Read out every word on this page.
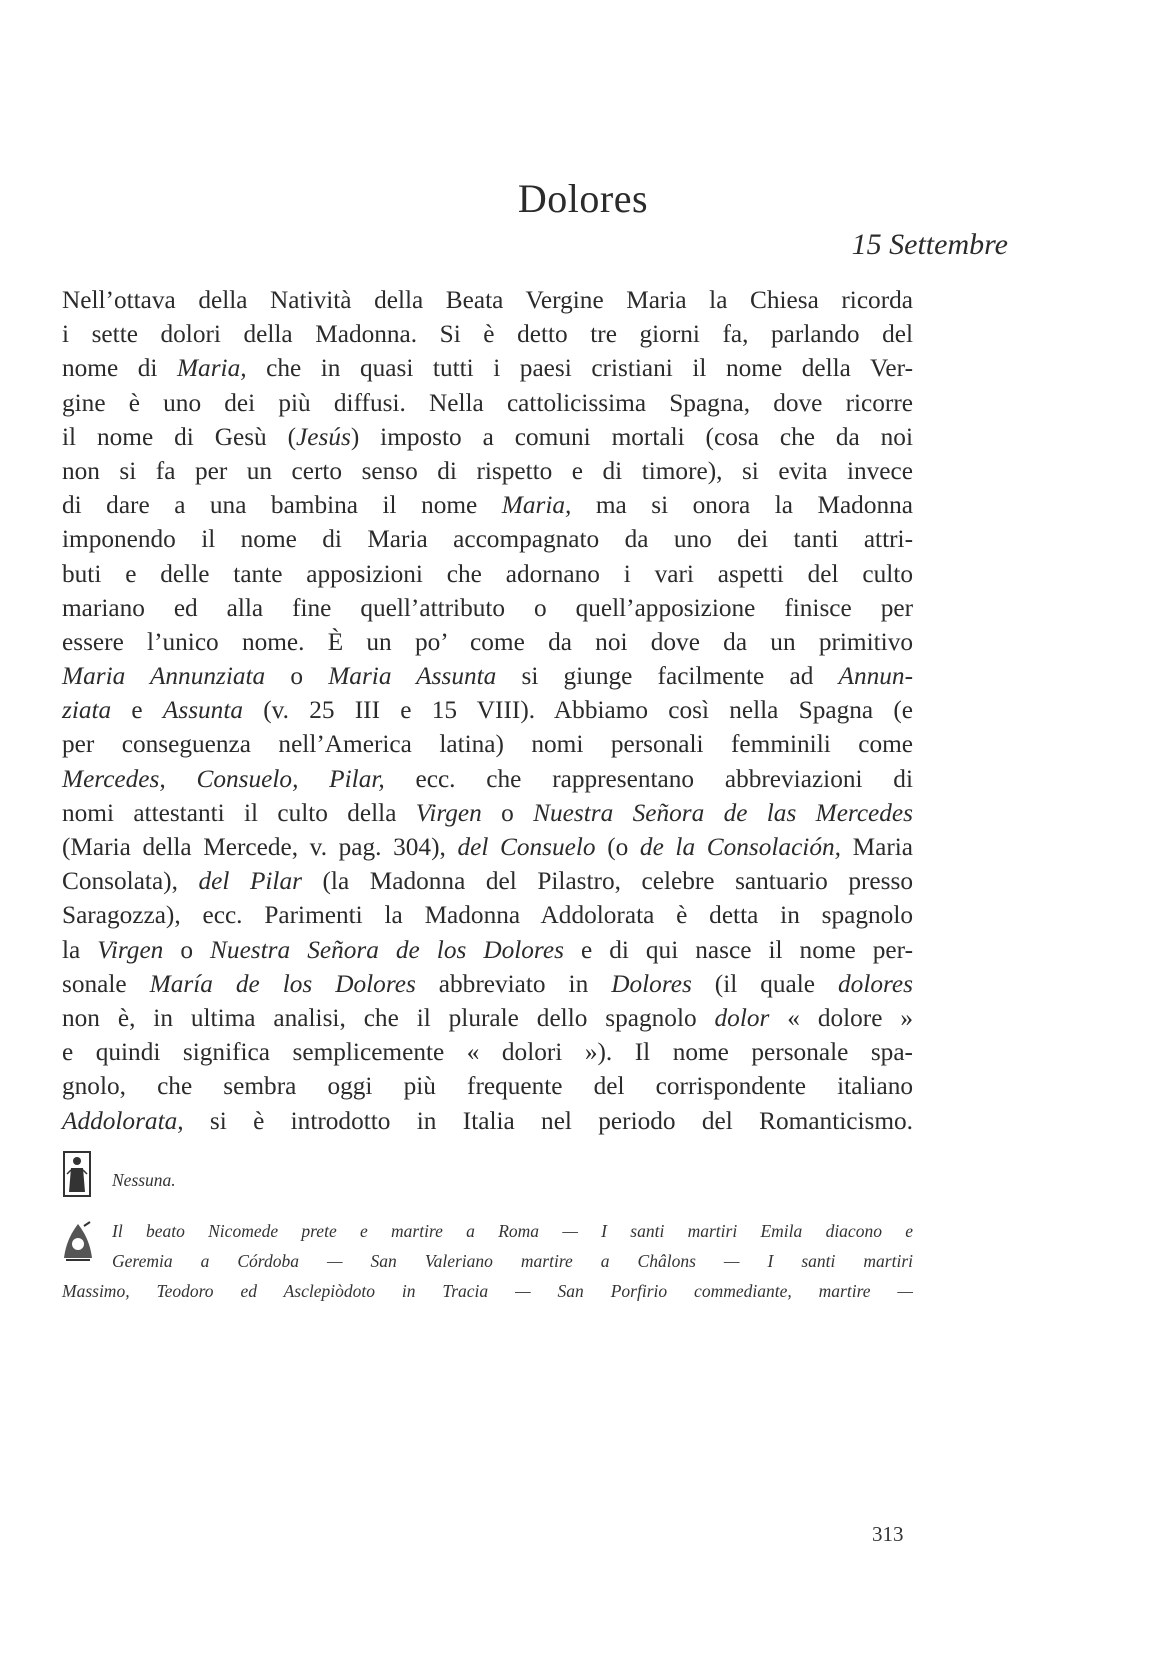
Dolores
15 Settembre
Nell’ottava della Natività della Beata Vergine Maria la Chiesa ricorda
i sette dolori della Madonna. Si è detto tre giorni fa, parlando del
nome di Maria, che in quasi tutti i paesi cristiani il nome della Ver-
gine è uno dei più diffusi. Nella cattolicissima Spagna, dove ricorre
il nome di Gesù (Jesús) imposto a comuni mortali (cosa che da noi
non si fa per un certo senso di rispetto e di timore), si evita invece
di dare a una bambina il nome Maria, ma si onora la Madonna
imponendo il nome di Maria accompagnato da uno dei tanti attri-
buti e delle tante apposizioni che adornano i vari aspetti del culto
mariano ed alla fine quell’attributo o quell’apposizione finisce per
essere l’unico nome. È un po’ come da noi dove da un primitivo
Maria Annunziata o Maria Assunta si giunge facilmente ad Annun-
ziata e Assunta (v. 25 III e 15 VIII). Abbiamo così nella Spagna (e
per conseguenza nell’America latina) nomi personali femminili come
Mercedes, Consuelo, Pilar, ecc. che rappresentano abbreviazioni di
nomi attestanti il culto della Virgen o Nuestra Señora de las Mercedes
(Maria della Mercede, v. pag. 304), del Consuelo (o de la Consolación, Maria
Consolata), del Pilar (la Madonna del Pilastro, celebre santuario presso
Saragozza), ecc. Parimenti la Madonna Addolorata è detta in spagnolo
la Virgen o Nuestra Señora de los Dolores e di qui nasce il nome per-
sonale María de los Dolores abbreviato in Dolores (il quale dolores
non è, in ultima analisi, che il plurale dello spagnolo dolor « dolore »
e quindi significa semplicemente « dolori »). Il nome personale spa-
gnolo, che sembra oggi più frequente del corrispondente italiano
Addolorata, si è introdotto in Italia nel periodo del Romanticismo.
Nessuna.
Il beato Nicomede prete e martire a Roma — I santi martiri Emila diacono e
Geremia a Córdoba — San Valeriano martire a Châlons — I santi martiri
Massimo, Teodoro ed Asclepiòdoto in Tracia — San Porfirio commediante, martire —
313
